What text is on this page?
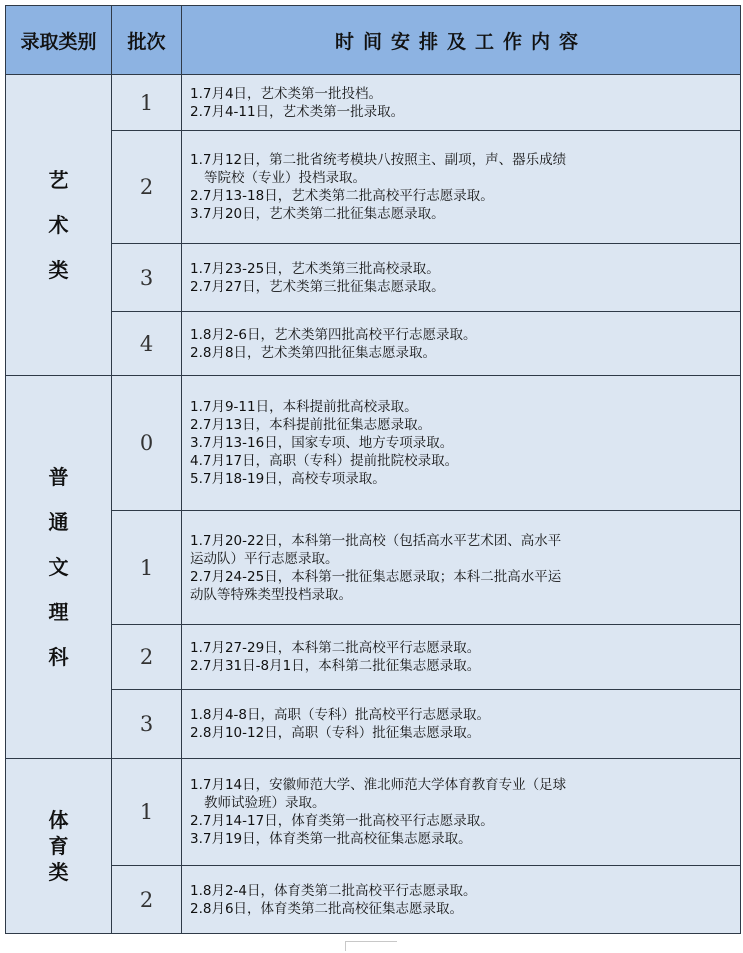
录取类别	批次	时间安排及工作内容
艺
术
类	1	1.7月4日，艺术类第一批投档。
2.7月4-11日，艺术类第一批录取。

	2	1.7月12日，第二批省统考模块八按照主、副项，声、器乐成绩
等院校（专业）投档录取。
2.7月13-18日，艺术类第二批高校平行志愿录取。
3.7月20日，艺术类第二批征集志愿录取。

	3	1.7月23-25日，艺术类第三批高校录取。
2.7月27日，艺术类第三批征集志愿录取。

	4	1.8月2-6日，艺术类第四批高校平行志愿录取。
2.8月8日，艺术类第四批征集志愿录取。

普
通
文
理
科	0	1.7月9-11日，本科提前批高校录取。
2.7月13日，本科提前批征集志愿录取。
3.7月13-16日，国家专项、地方专项录取。
4.7月17日，高职（专科）提前批院校录取。
5.7月18-19日，高校专项录取。

	1	1.7月20-22日，本科第一批高校（包括高水平艺术团、高水平
运动队）平行志愿录取。
2.7月24-25日，本科第一批征集志愿录取；本科二批高水平运
动队等特殊类型投档录取。

	2	1.7月27-29日，本科第二批高校平行志愿录取。
2.7月31日-8月1日，本科第二批征集志愿录取。

	3	1.8月4-8日，高职（专科）批高校平行志愿录取。
2.8月10-12日，高职（专科）批征集志愿录取。

体
育
类	1	1.7月14日，安徽师范大学、淮北师范大学体育教育专业（足球
教师试验班）录取。
2.7月14-17日，体育类第一批高校平行志愿录取。
3.7月19日，体育类第一批高校征集志愿录取。

	2	1.8月2-4日，体育类第二批高校平行志愿录取。
2.8月6日，体育类第二批高校征集志愿录取。
